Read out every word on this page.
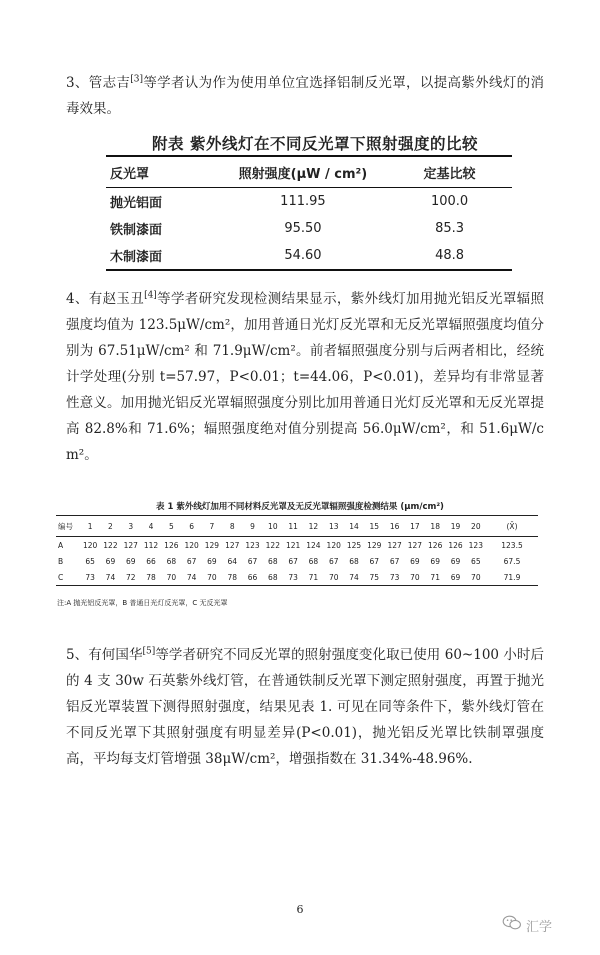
3、管志吉[3]等学者认为作为使用单位宜选择铝制反光罩，以提高紫外线灯的消毒效果。

附表 紫外线灯在不同反光罩下照射强度的比较
反光罩	照射强度(μW / cm²)	定基比较
抛光铝面	111.95	100.0
铁制漆面	95.50	85.3
木制漆面	54.60	48.8

4、有赵玉丑[4]等学者研究发现检测结果显示，紫外线灯加用抛光铝反光罩辐照强度均值为 123.5μW/cm²，加用普通日光灯反光罩和无反光罩辐照强度均值分别为 67.51μW/cm² 和 71.9μW/cm²。前者辐照强度分别与后两者相比，经统计学处理(分别 t=57.97，P<0.01；t=44.06，P<0.01)，差异均有非常显著性意义。加用抛光铝反光罩辐照强度分别比加用普通日光灯反光罩和无反光罩提高 82.8%和 71.6%；辐照强度绝对值分别提高 56.0μW/cm²，和 51.6μW/cm²。

表 1 紫外线灯加用不同材料反光罩及无反光罩辐照强度检测结果 (μm/cm²)
编号	1	2	3	4	5	6	7	8	9	10	11	12	13	14	15	16	17	18	19	20	(X̄)
A	120	122	127	112	126	120	129	127	123	122	121	124	120	125	129	127	127	126	126	123	123.5
B	65	69	69	66	68	67	69	64	67	68	67	68	67	68	67	67	69	69	69	65	67.5
C	73	74	72	78	70	74	70	78	66	68	73	71	70	74	75	73	70	71	69	70	71.9
注:A 抛光铝反光罩，B 普通日光灯反光罩，C 无反光罩

5、有何国华[5]等学者研究不同反光罩的照射强度变化取已使用 60~100 小时后的 4 支 30w 石英紫外线灯管，在普通铁制反光罩下测定照射强度，再置于抛光铝反光罩装置下测得照射强度，结果见表 1. 可见在同等条件下，紫外线灯管在不同反光罩下其照射强度有明显差异(P<0.01)，抛光铝反光罩比铁制罩强度高，平均每支灯管增强 38μW/cm²，增强指数在 31.34%-48.96%.

6
汇学
